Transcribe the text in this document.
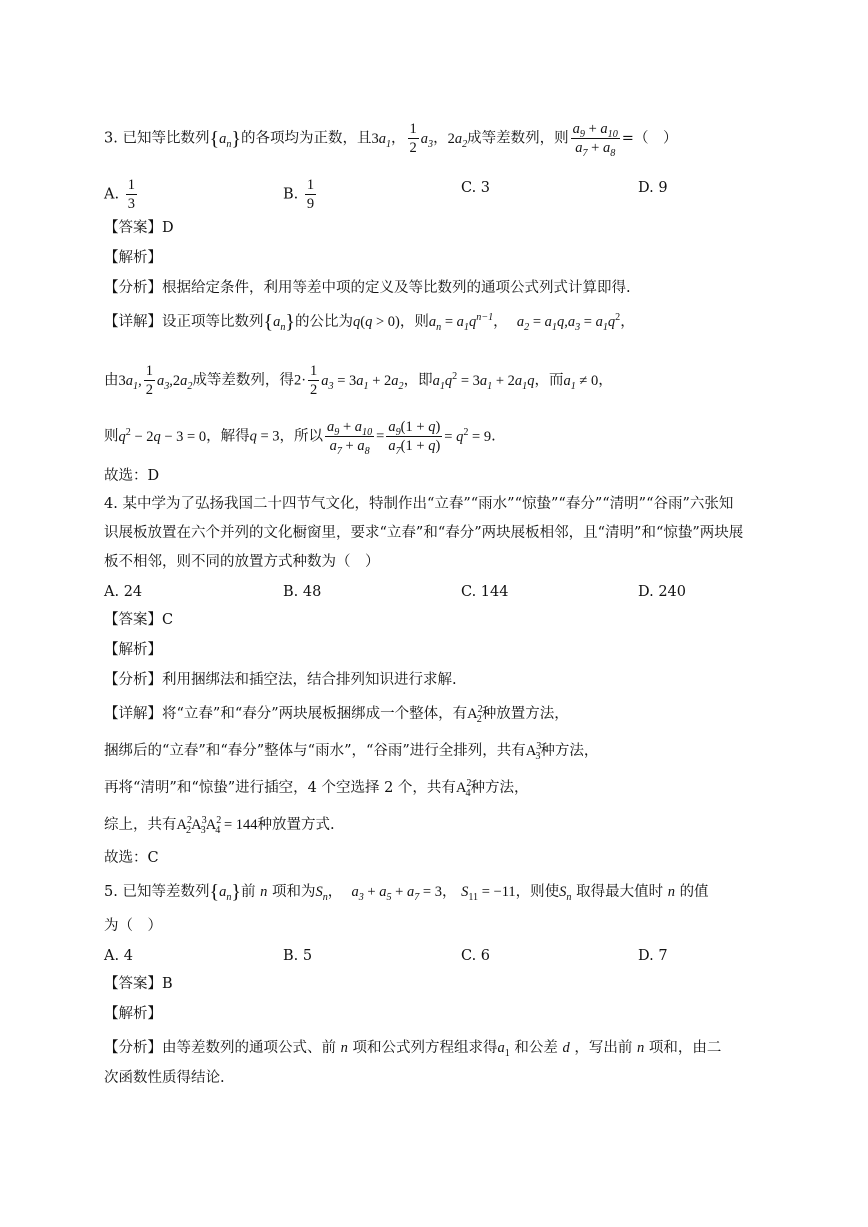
3. 已知等比数列$\{a_n\}$的各项均为正数，且$3a_1$， $\frac{1}{2} a_3$，$2a_2$成等差数列，则 $\frac{a_9 + a_{10}}{a_7 + a_8}$ =（　）
A. $\frac{1}{3}$	B. $\frac{1}{9}$	C. 3	D. 9
【答案】D
【解析】
【分析】根据给定条件，利用等差中项的定义及等比数列的通项公式列式计算即得.
【详解】设正项等比数列$\{a_n\}$的公比为q(q > 0)，则$a_n = a_1q^{n-1}$，  $a_2 = a_1q,a_3 = a_1q^2$，
由$3a_1$, $\frac{1}{2} a_3,2a_2$成等差数列，得$2\cdot \frac{1}{2} a_3 = 3a_1 + 2a_2$，即$a_1q^2 = 3a_1 + 2a_1q$，而$a_1 \ne 0$，
则$q^2 - 2q - 3 = 0$，解得q = 3，所以 $\frac{a_9 + a_{10}}{a_7 + a_8} = \frac{a_9(1 + q)}{a_7(1 + q)} = q^2 = 9$.
故选：D
4. 某中学为了弘扬我国二十四节气文化，特制作出“立春”“雨水”“惊蛰”“春分”“清明”“谷雨”六张知
识展板放置在六个并列的文化橱窗里，要求“立春”和“春分”两块展板相邻，且“清明”和“惊蛰”两块展
板不相邻，则不同的放置方式种数为（　）
A. 24	B. 48	C. 144	D. 240
【答案】C
【解析】
【分析】利用捆绑法和插空法，结合排列知识进行求解.
【详解】将“立春”和“春分”两块展板捆绑成一个整体，有$A^2_2$种放置方法，
捆绑后的“立春”和“春分”整体与“雨水”，“谷雨”进行全排列，共有$A^3_3$种方法，
再将“清明”和“惊蛰”进行插空，4 个空选择 2 个，共有$A^2_4$种方法，
综上，共有$A^2_2A^3_3A^2_4 = 144$种放置方式.
故选：C
5. 已知等差数列$\{a_n\}$前 n 项和为$S_n$，  $a_3 + a_5 + a_7 = 3$， $S_{11} = -11$，则使$S_n$ 取得最大值时 n 的值
为（　）
A. 4	B. 5	C. 6	D. 7
【答案】B
【解析】
【分析】由等差数列的通项公式、前 n 项和公式列方程组求得$a_1$ 和公差 d ，写出前 n 项和，由二
次函数性质得结论.
